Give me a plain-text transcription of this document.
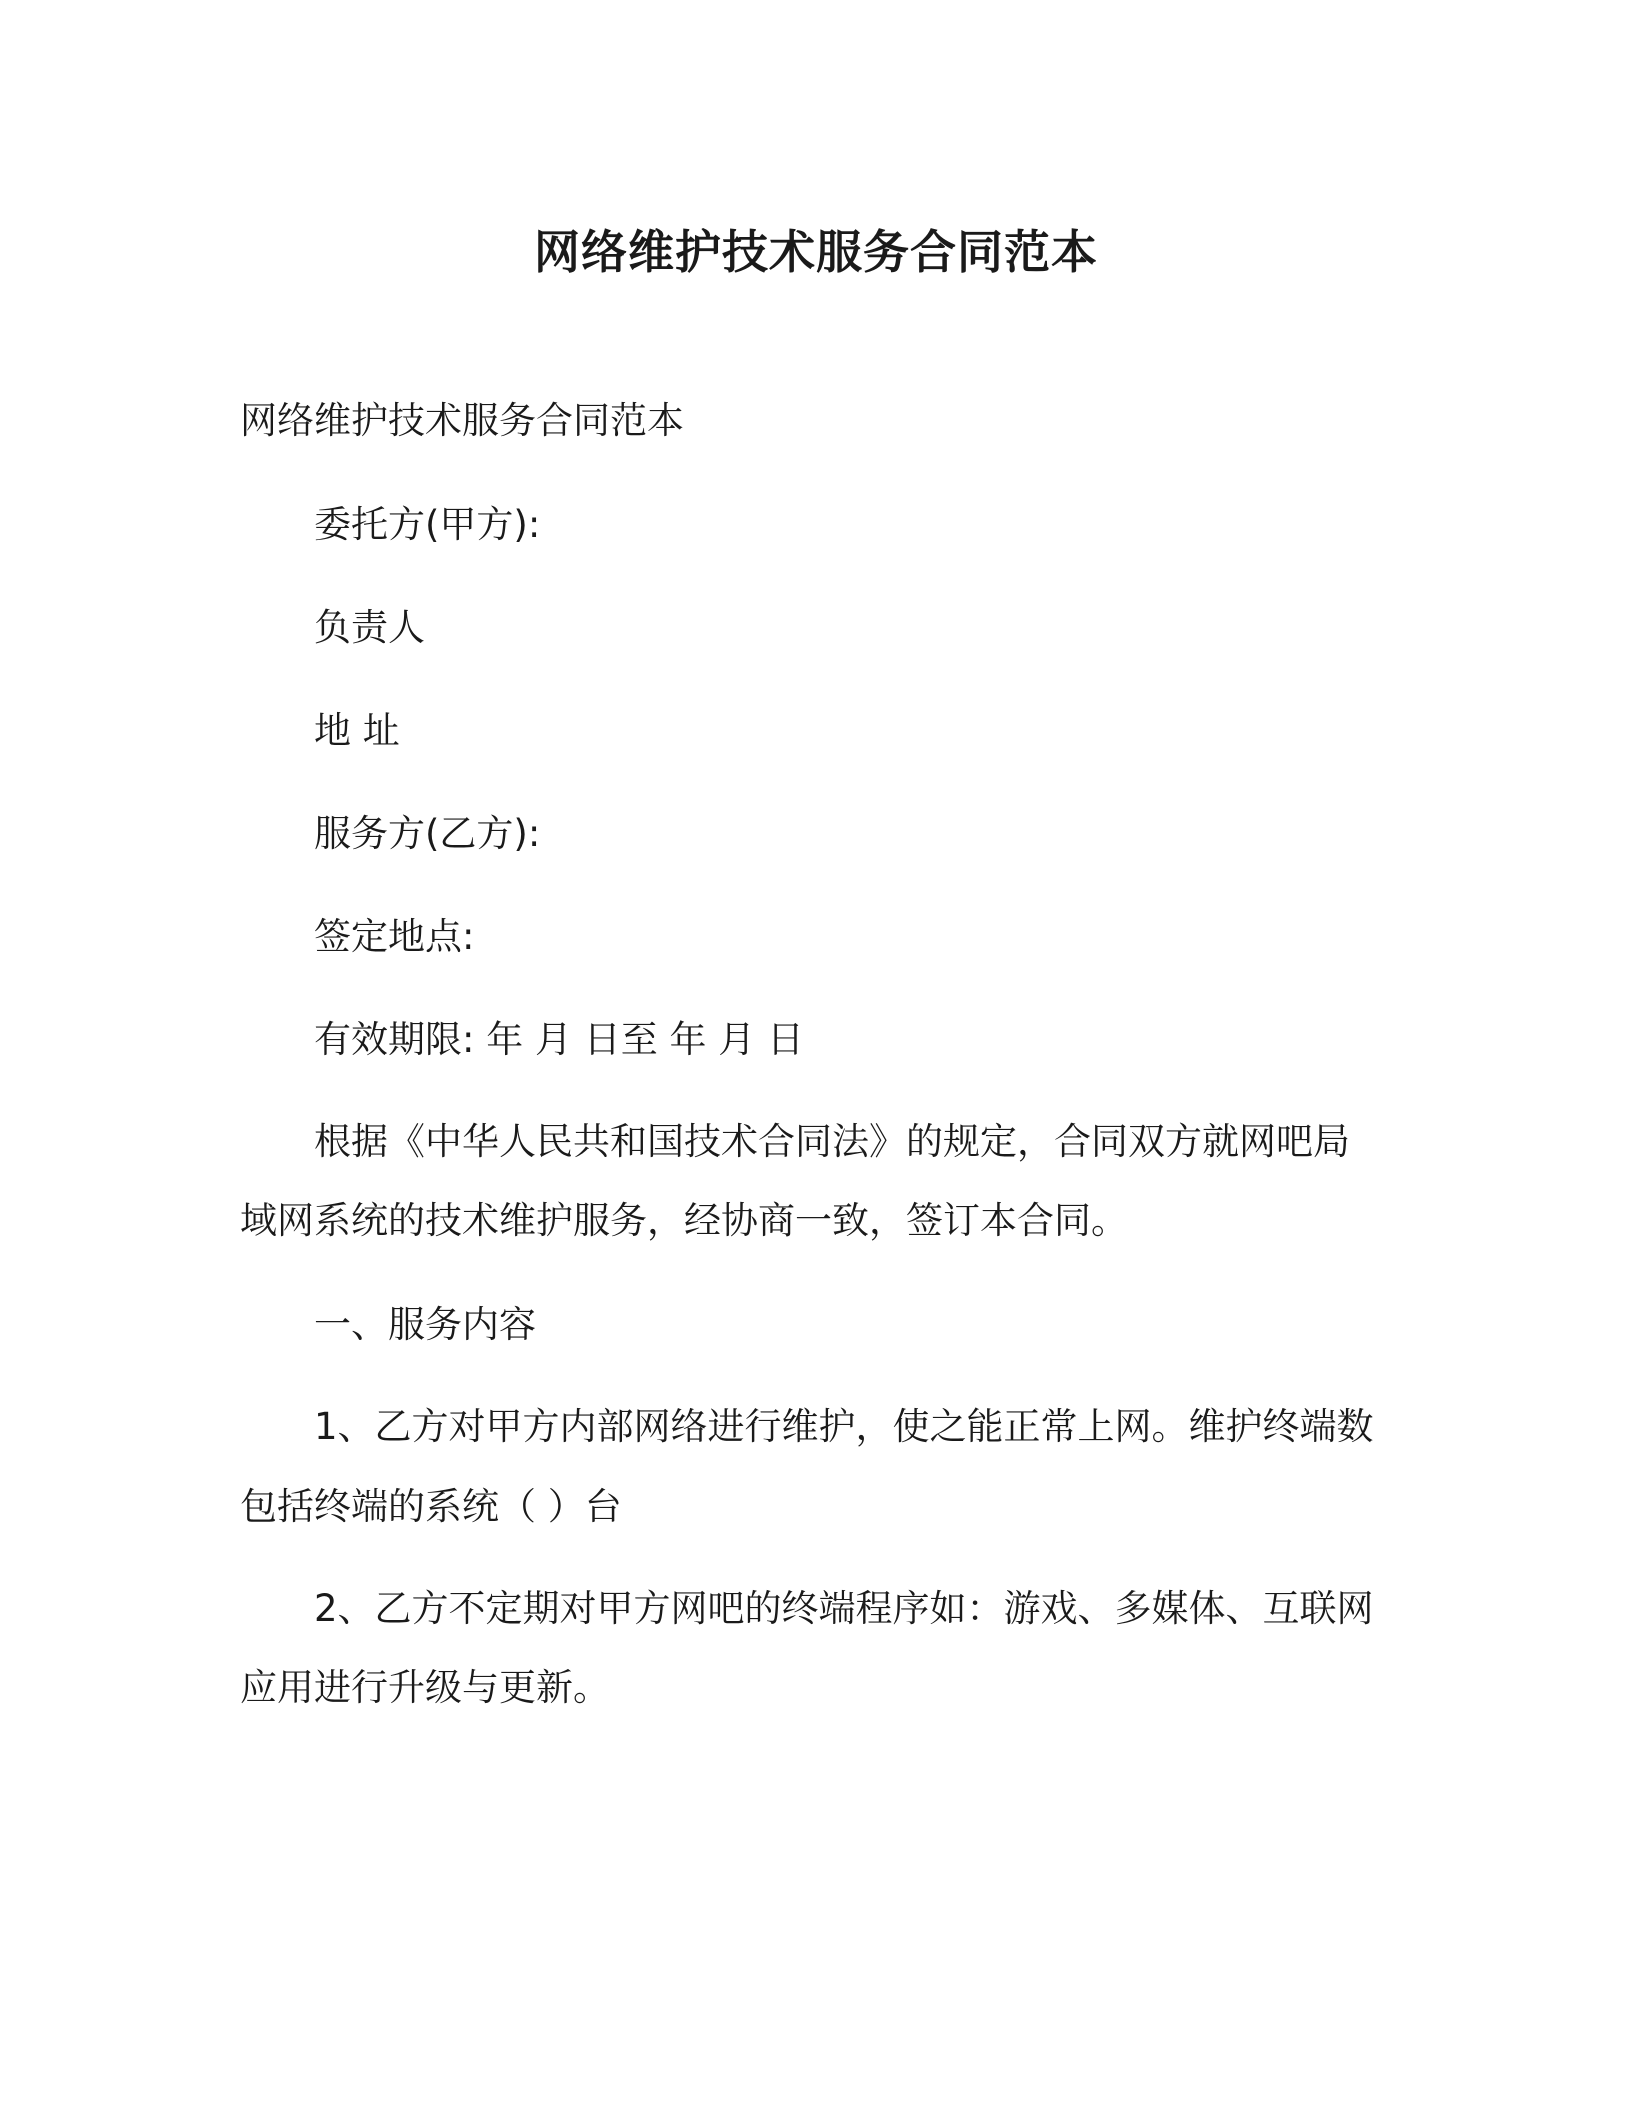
网络维护技术服务合同范本

网络维护技术服务合同范本

委托方(甲方):

负责人

地 址

服务方(乙方):

签定地点:

有效期限: 年 月 日至 年 月 日

根据《中华人民共和国技术合同法》的规定，合同双方就网吧局

域网系统的技术维护服务，经协商一致，签订本合同。

一、服务内容

1、乙方对甲方内部网络进行维护，使之能正常上网。维护终端数

包括终端的系统（ ）台

2、乙方不定期对甲方网吧的终端程序如：游戏、多媒体、互联网

应用进行升级与更新。
